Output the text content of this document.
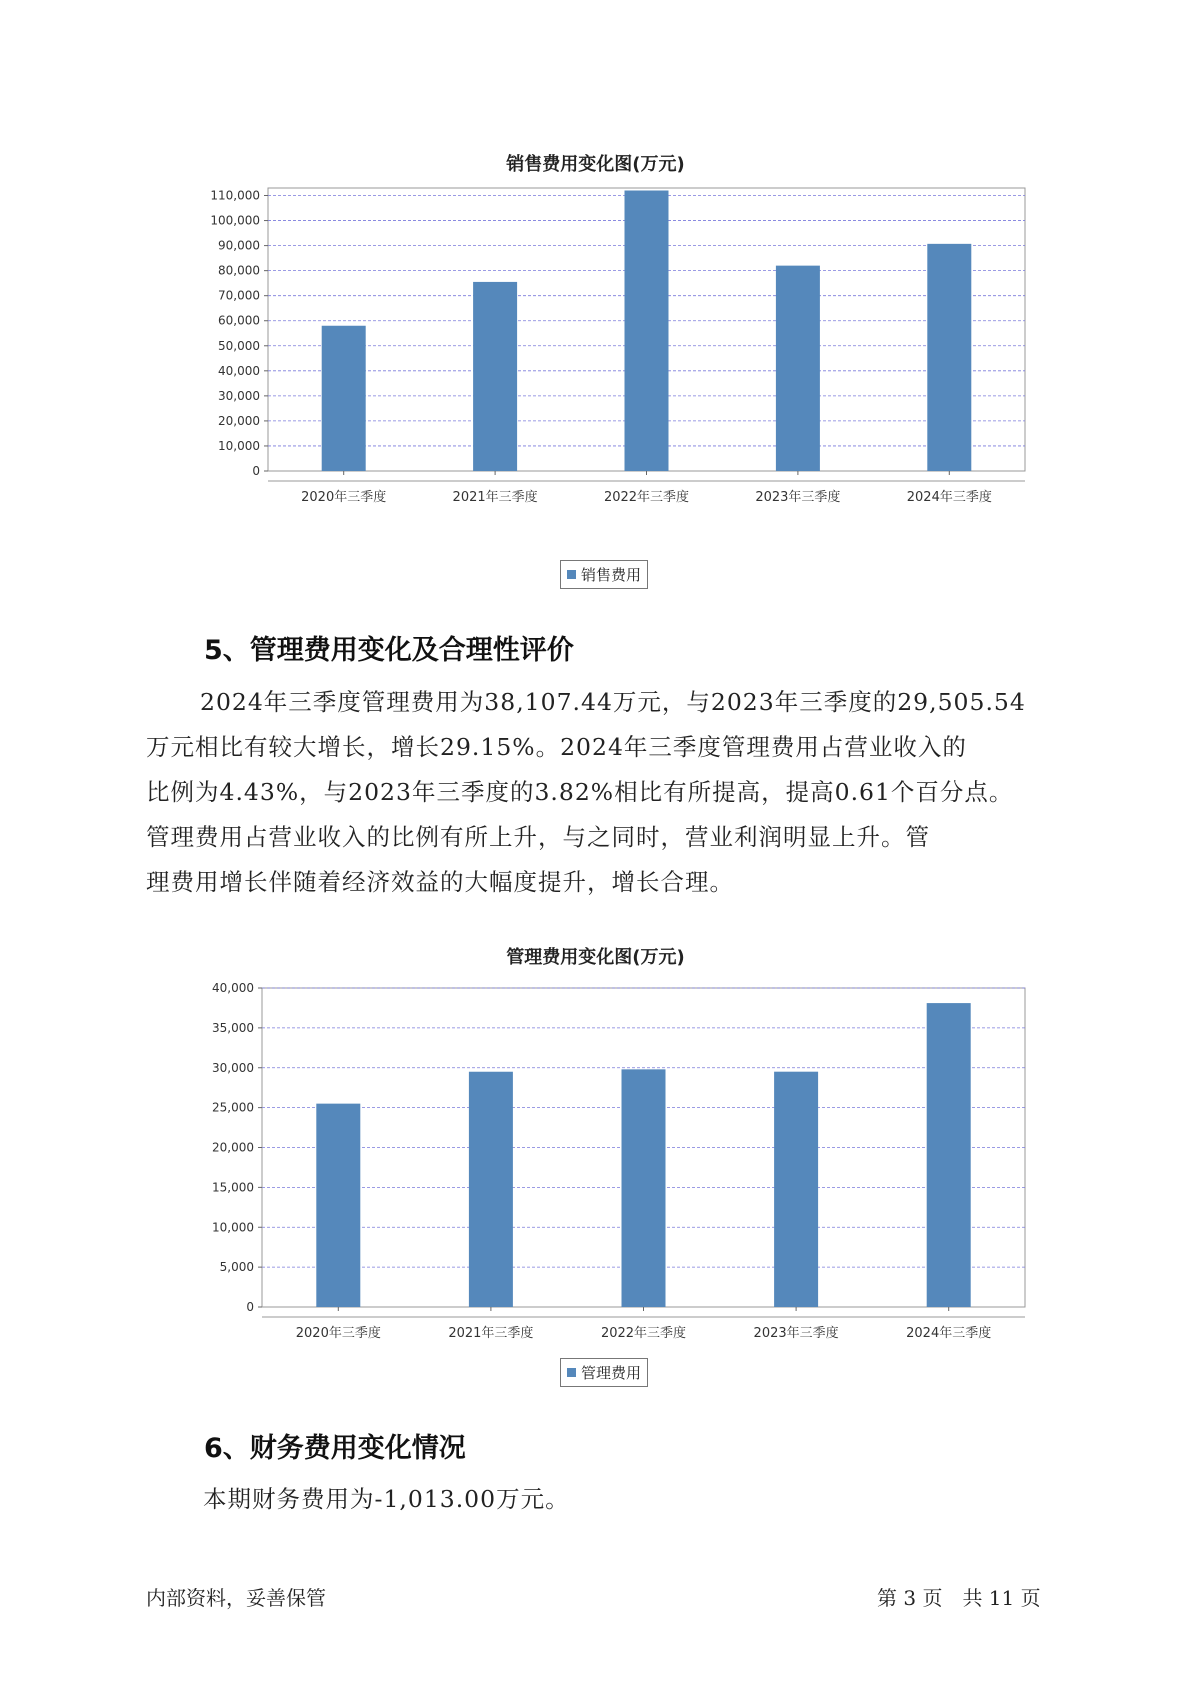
销售费用变化图(万元)
0
10,000
20,000
30,000
40,000
50,000
60,000
70,000
80,000
90,000
100,000
110,000
2020年三季度	2021年三季度	2022年三季度	2023年三季度	2024年三季度
销售费用
5、管理费用变化及合理性评价
2024年三季度管理费用为38,107.44万元，与2023年三季度的29,505.54
万元相比有较大增长，增长29.15%。2024年三季度管理费用占营业收入的
比例为4.43%，与2023年三季度的3.82%相比有所提高，提高0.61个百分点。
管理费用占营业收入的比例有所上升，与之同时，营业利润明显上升。管
理费用增长伴随着经济效益的大幅度提升，增长合理。
管理费用变化图(万元)
0
5,000
10,000
15,000
20,000
25,000
30,000
35,000
40,000
2020年三季度	2021年三季度	2022年三季度	2023年三季度	2024年三季度
管理费用
6、财务费用变化情况
本期财务费用为-1,013.00万元。
内部资料，妥善保管	第 3 页　共 11 页
